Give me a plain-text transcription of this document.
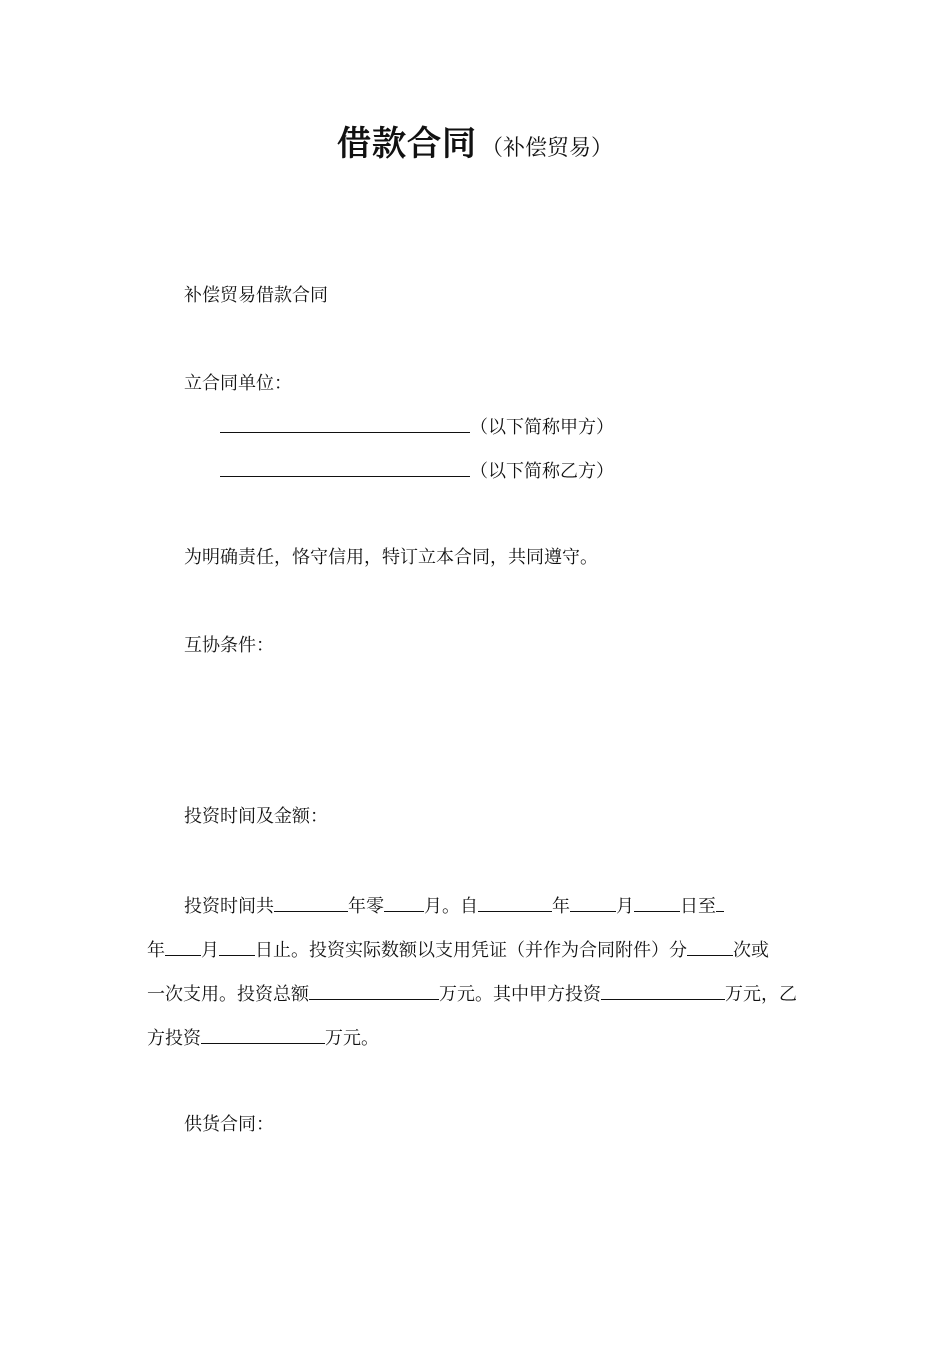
借款合同 （补偿贸易）
补偿贸易借款合同
立合同单位：
（以下简称甲方）
（以下简称乙方）
为明确责任，恪守信用，特订立本合同，共同遵守。
互协条件：
投资时间及金额：
投资时间共	年零 月。自	年	月	日至
年 月 日止。投资实际数额以支用凭证（并作为合同附件）分	次或
一次支用。投资总额	万元。其中甲方投资	万元，乙
方投资	万元。
供货合同：
